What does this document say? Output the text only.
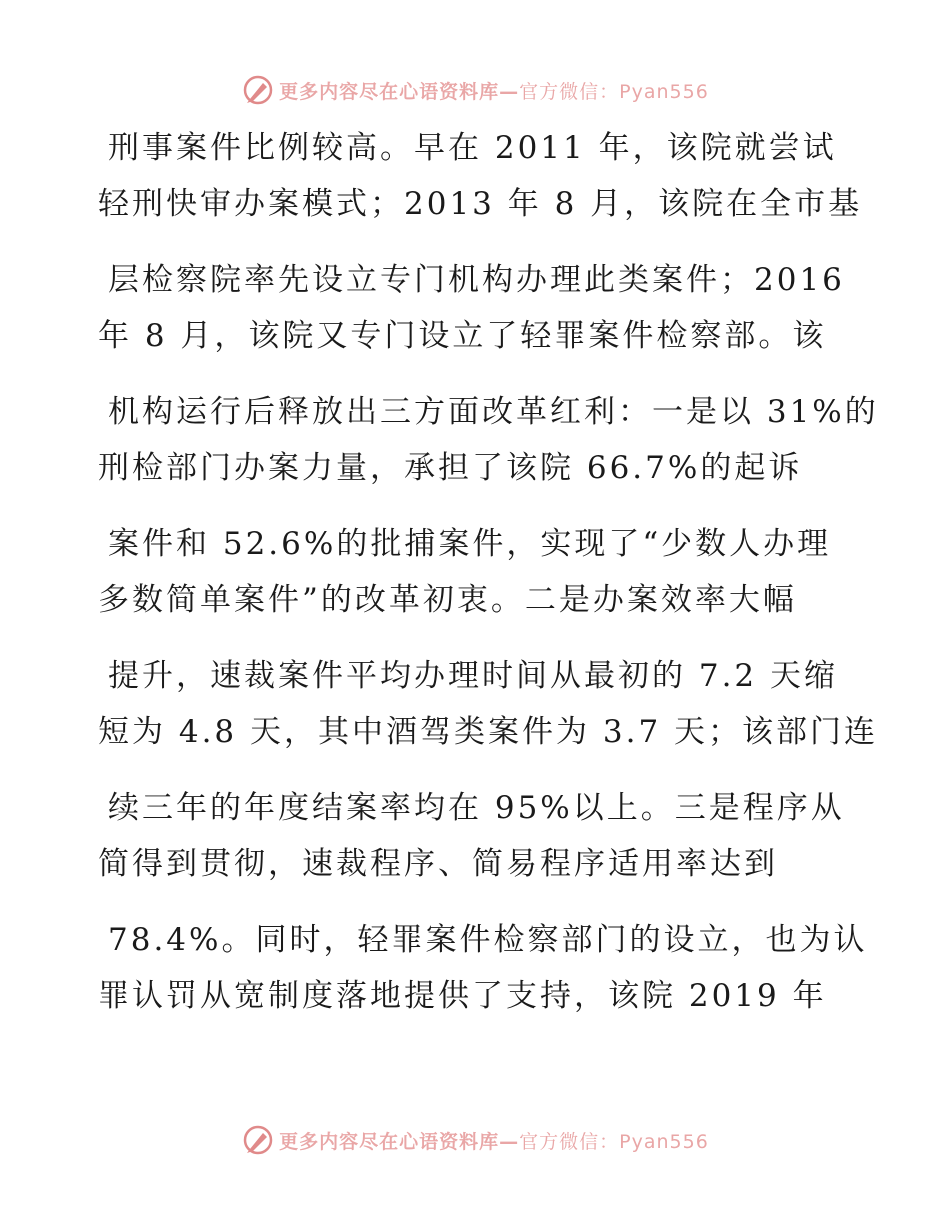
更多内容尽在心语资料库—官方微信：Pyan556
刑事案件比例较高。早在 2011 年，该院就尝试
轻刑快审办案模式；2013 年 8 月，该院在全市基
层检察院率先设立专门机构办理此类案件；2016
年 8 月，该院又专门设立了轻罪案件检察部。该
机构运行后释放出三方面改革红利：一是以 31%的
刑检部门办案力量，承担了该院 66.7%的起诉
案件和 52.6%的批捕案件，实现了“少数人办理
多数简单案件”的改革初衷。二是办案效率大幅
提升，速裁案件平均办理时间从最初的 7.2 天缩
短为 4.8 天，其中酒驾类案件为 3.7 天；该部门连
续三年的年度结案率均在 95%以上。三是程序从
简得到贯彻，速裁程序、简易程序适用率达到
78.4%。同时，轻罪案件检察部门的设立，也为认
罪认罚从宽制度落地提供了支持，该院 2019 年
更多内容尽在心语资料库—官方微信：Pyan556
